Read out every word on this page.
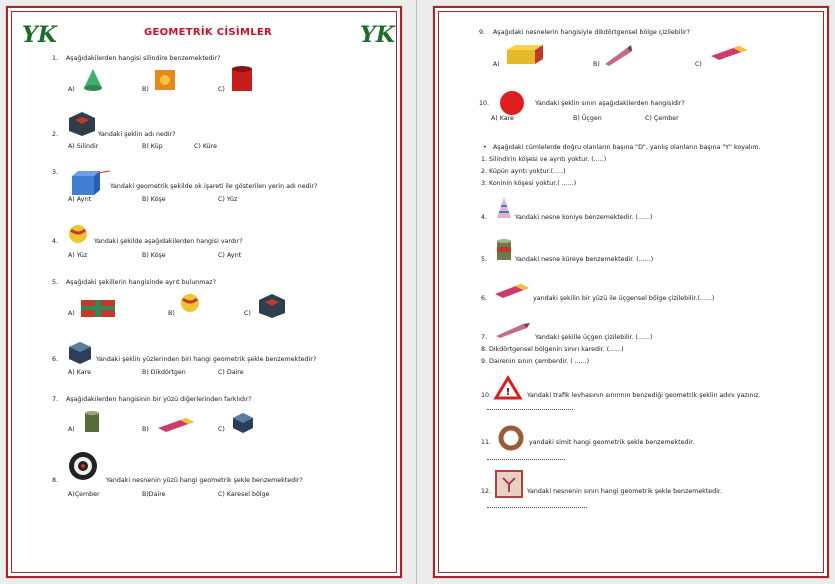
YK	YK
GEOMETRİK CİSİMLER
1. Aşağıdakilerden hangisi silindire benzemektedir?
A)	B)	C)
2.	Yandaki şeklin adı nedir?
A) Silindir	B) Küp	C) Küre
3.
Yandaki geometrik şekilde ok işareti ile gösterilen yerin adı nedir?
A) Ayrıt	B) Köşe	C) Yüz
4.	Yandaki şekilde aşağıdakilerden hangisi vardır?
A) Yüz	B) Köşe	C) Ayrıt
5. Aşağıdaki şekillerin hangisinde ayrıt bulunmaz?
A)	B)	C)
6.	Yandaki şeklin yüzlerinden biri hangi geometrik şekle benzemektedir?
A) Kare	B) Dikdörtgen	C) Daire
7. Aşağıdakilerden hangisinin bir yüzü diğerlerinden farklıdır?
A)	B)	C)
8.	Yandaki nesnenin yüzü hangi geometrik şekle benzemektedir?
A)Çember	B)Daire	C) Karesel bölge
9. Aşağıdaki nesnelerin hangisiyle dikdörtgensel bölge çizilebilir?
A)	B)	C)
10.	Yandaki şeklin sınırı aşağıdakilerden hangisidir?
A) Kare	B) Üçgen	C) Çember
• Aşağıdaki cümlelerde doğru olanların başına "D", yanlış olanların başına "Y" koyalım.
1. Silindirin köşesi ve ayrıtı yoktur. (.....)
2. Küpün ayrıtı yoktur.(.....)
3. Koninin köşesi yoktur.( ......)
4.	Yandaki nesne koniye benzemektedir. (......)
5.	Yandaki nesne küreye benzemektedir. (......)
6.	yandaki şekilin bir yüzü ile üçgensel bölge çizilebilir.(......)
7.	Yandaki şekille üçgen çizilebilir. (......)
8. Dikdörtgensel bölgenin sınırı karedir. (......)
9. Dairenin sınırı çemberdir. ( ......)
10. !	Yandaki trafik levhasının sınırının benzediği geometrik şeklin adını yazınız.
11.	yandaki simit hangi geometrik şekle benzemektedir.
12.	Yandaki nesnenin sınırı hangi geometrik şekle benzemektedir.
